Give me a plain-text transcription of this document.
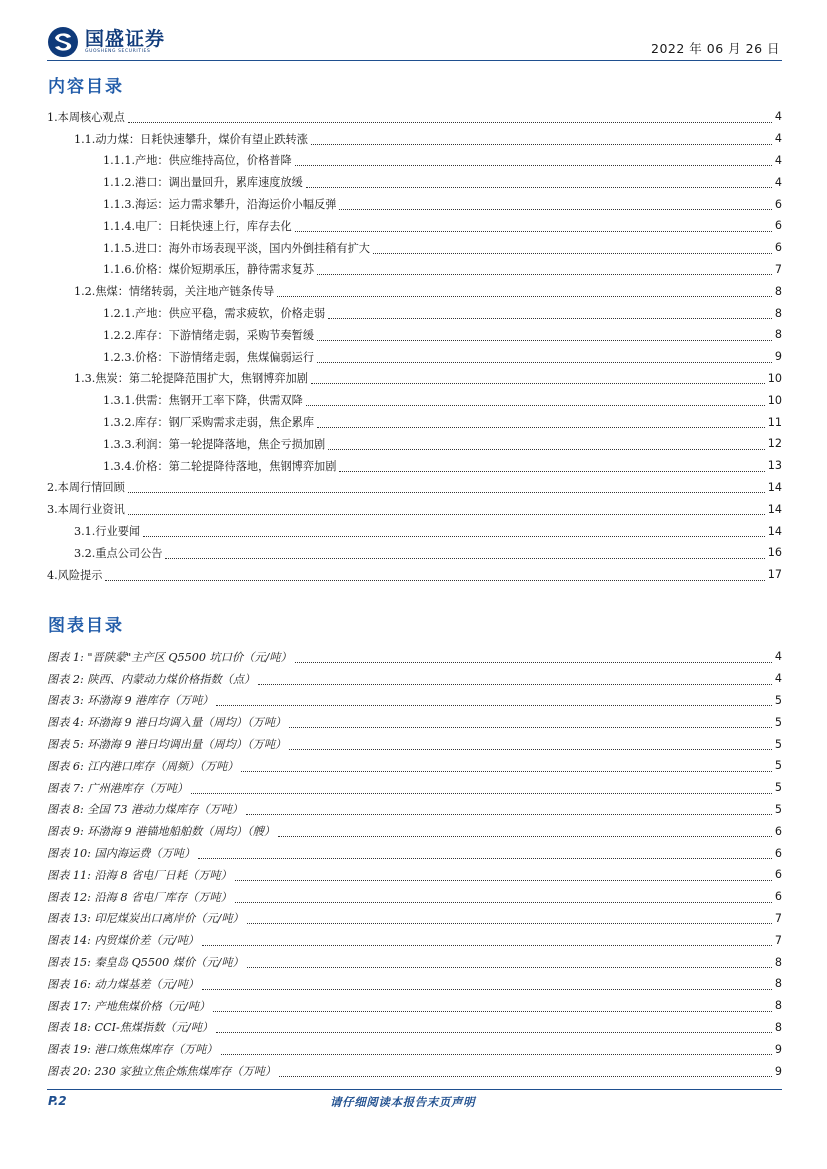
国盛证券
GUOSHENG SECURITIES	2022 年 06 月 26 日
内容目录
1.本周核心观点	4
1.1.动力煤：日耗快速攀升，煤价有望止跌转涨	4
1.1.1.产地：供应维持高位，价格普降	4
1.1.2.港口：调出量回升，累库速度放缓	4
1.1.3.海运：运力需求攀升，沿海运价小幅反弹	6
1.1.4.电厂：日耗快速上行，库存去化	6
1.1.5.进口：海外市场表现平淡，国内外倒挂稍有扩大	6
1.1.6.价格：煤价短期承压，静待需求复苏	7
1.2.焦煤：情绪转弱，关注地产链条传导	8
1.2.1.产地：供应平稳，需求疲软，价格走弱	8
1.2.2.库存：下游情绪走弱，采购节奏暂缓	8
1.2.3.价格：下游情绪走弱，焦煤偏弱运行	9
1.3.焦炭：第二轮提降范围扩大，焦钢博弈加剧	10
1.3.1.供需：焦钢开工率下降，供需双降	10
1.3.2.库存：钢厂采购需求走弱，焦企累库	11
1.3.3.利润：第一轮提降落地，焦企亏损加剧	12
1.3.4.价格：第二轮提降待落地，焦钢博弈加剧	13
2.本周行情回顾	14
3.本周行业资讯	14
3.1.行业要闻	14
3.2.重点公司公告	16
4.风险提示	17
图表目录
图表 1: "晋陕蒙"主产区 Q5500 坑口价（元/吨）	4
图表 2: 陕西、内蒙动力煤价格指数（点）	4
图表 3: 环渤海 9 港库存（万吨）	5
图表 4: 环渤海 9 港日均调入量（周均）（万吨）	5
图表 5: 环渤海 9 港日均调出量（周均）（万吨）	5
图表 6: 江内港口库存（周频）（万吨）	5
图表 7: 广州港库存（万吨）	5
图表 8: 全国 73 港动力煤库存（万吨）	5
图表 9: 环渤海 9 港锚地船舶数（周均）（艘）	6
图表 10: 国内海运费（万吨）	6
图表 11: 沿海 8 省电厂日耗（万吨）	6
图表 12: 沿海 8 省电厂库存（万吨）	6
图表 13: 印尼煤炭出口离岸价（元/吨）	7
图表 14: 内贸煤价差（元/吨）	7
图表 15: 秦皇岛 Q5500 煤价（元/吨）	8
图表 16: 动力煤基差（元/吨）	8
图表 17: 产地焦煤价格（元/吨）	8
图表 18: CCI-焦煤指数（元/吨）	8
图表 19: 港口炼焦煤库存（万吨）	9
图表 20: 230 家独立焦企炼焦煤库存（万吨）	9
P.2	请仔细阅读本报告末页声明
